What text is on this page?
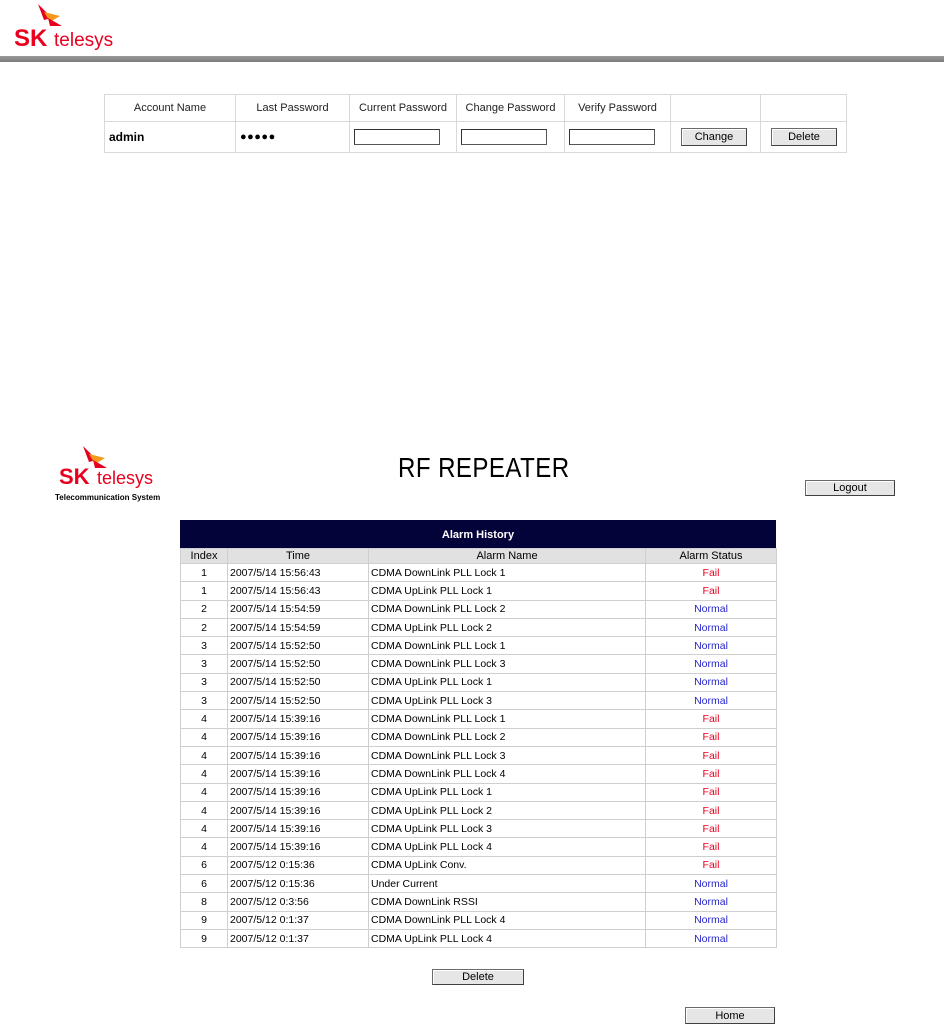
SK telesys
Account Name	Last Password	Current Password	Change Password	Verify Password		
admin	●●●●●				Change	Delete
SK telesys
Telecommunication System
RF REPEATER
Logout
Alarm History
Index	Time	Alarm Name	Alarm Status
1	2007/5/14 15:56:43	CDMA DownLink PLL Lock 1	Fail
1	2007/5/14 15:56:43	CDMA UpLink PLL Lock 1	Fail
2	2007/5/14 15:54:59	CDMA DownLink PLL Lock 2	Normal
2	2007/5/14 15:54:59	CDMA UpLink PLL Lock 2	Normal
3	2007/5/14 15:52:50	CDMA DownLink PLL Lock 1	Normal
3	2007/5/14 15:52:50	CDMA DownLink PLL Lock 3	Normal
3	2007/5/14 15:52:50	CDMA UpLink PLL Lock 1	Normal
3	2007/5/14 15:52:50	CDMA UpLink PLL Lock 3	Normal
4	2007/5/14 15:39:16	CDMA DownLink PLL Lock 1	Fail
4	2007/5/14 15:39:16	CDMA DownLink PLL Lock 2	Fail
4	2007/5/14 15:39:16	CDMA DownLink PLL Lock 3	Fail
4	2007/5/14 15:39:16	CDMA DownLink PLL Lock 4	Fail
4	2007/5/14 15:39:16	CDMA UpLink PLL Lock 1	Fail
4	2007/5/14 15:39:16	CDMA UpLink PLL Lock 2	Fail
4	2007/5/14 15:39:16	CDMA UpLink PLL Lock 3	Fail
4	2007/5/14 15:39:16	CDMA UpLink PLL Lock 4	Fail
6	2007/5/12 0:15:36	CDMA UpLink Conv.	Fail
6	2007/5/12 0:15:36	Under Current	Normal
8	2007/5/12 0:3:56	CDMA DownLink RSSI	Normal
9	2007/5/12 0:1:37	CDMA DownLink PLL Lock 4	Normal
9	2007/5/12 0:1:37	CDMA UpLink PLL Lock 4	Normal
Delete
Home
